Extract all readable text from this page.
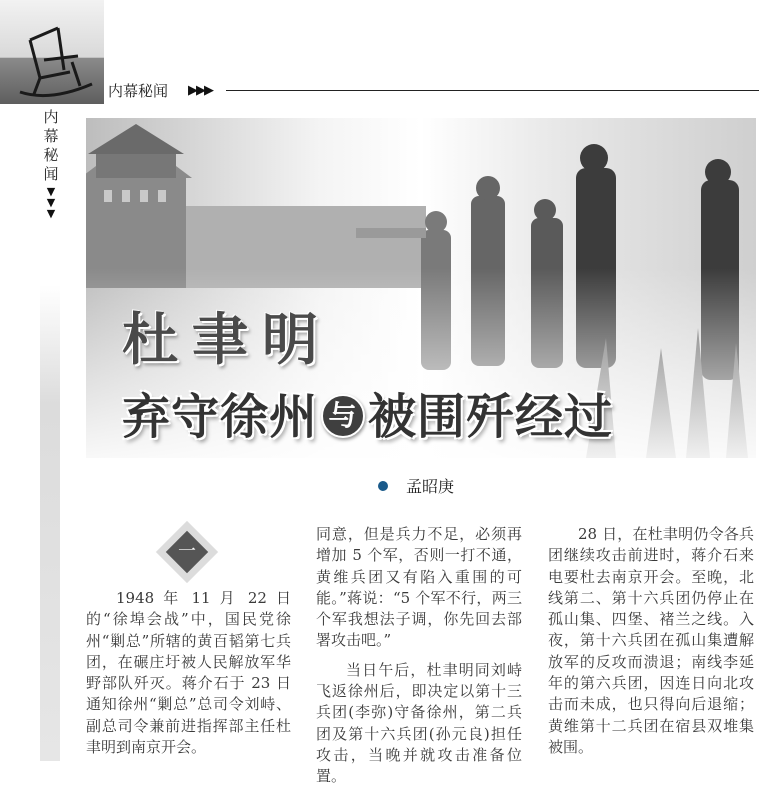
内幕秘闻 ▶▶▶
内幕秘闻
▼
▼
▼
杜聿明
弃守徐州 与 被围歼经过
孟昭庚
一

1948 年 11 月 22 日的“徐埠会战”中，国民党徐州“剿总”所辖的黄百韬第七兵团，在碾庄圩被人民解放军华野部队歼灭。蒋介石于 23 日通知徐州“剿总”总司令刘峙、副总司令兼前进指挥部主任杜聿明到南京开会。

同意，但是兵力不足，必须再增加 5 个军，否则一打不通，黄维兵团又有陷入重围的可能。”蒋说：“5 个军不行，两三个军我想法子调，你先回去部署攻击吧。”

当日午后，杜聿明同刘峙飞返徐州后，即决定以第十三兵团(李弥)守备徐州，第二兵团及第十六兵团(孙元良)担任攻击，当晚并就攻击准备位置。

28 日，在杜聿明仍令各兵团继续攻击前进时，蒋介石来电要杜去南京开会。至晚，北线第二、第十六兵团仍停止在孤山集、四堡、褚兰之线。入夜，第十六兵团在孤山集遭解放军的反攻而溃退；南线李延年的第六兵团，因连日向北攻击而未成，也只得向后退缩；黄维第十二兵团在宿县双堆集被围。
